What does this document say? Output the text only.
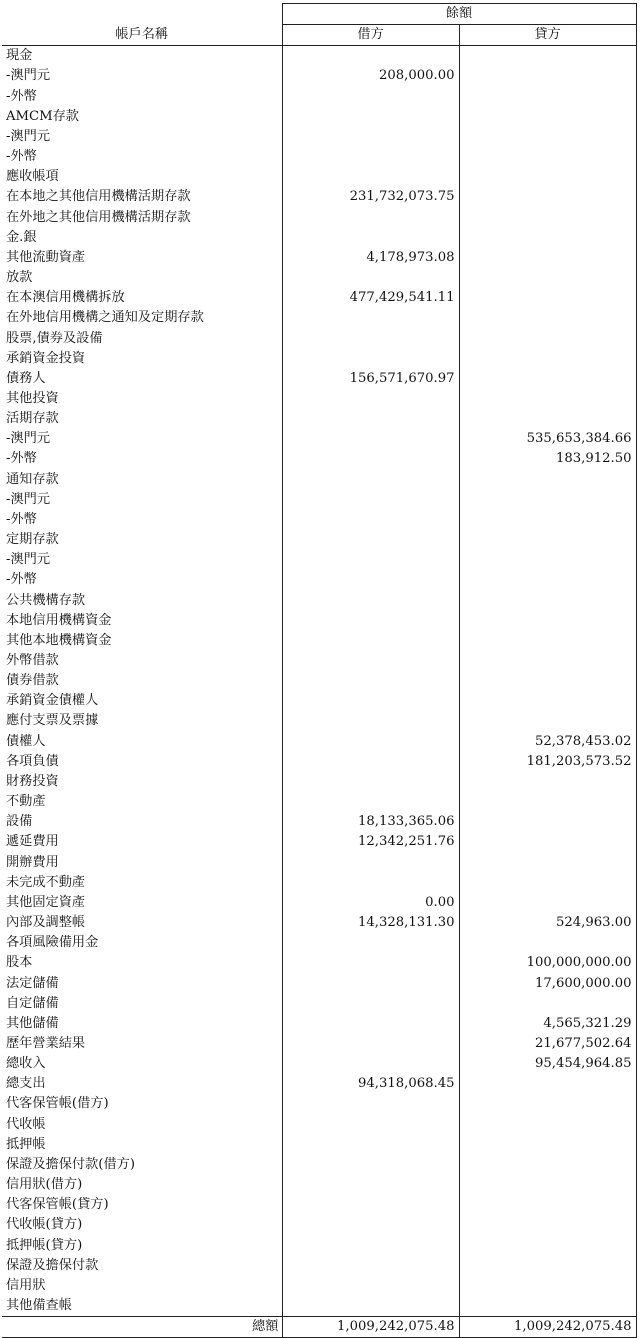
	餘額	
帳戶名稱	借方	貸方
現金		
-澳門元	208,000.00	
-外幣		
AMCM存款		
-澳門元		
-外幣		
應收帳項		
在本地之其他信用機構活期存款	231,732,073.75	
在外地之其他信用機構活期存款		
金.銀		
其他流動資產	4,178,973.08	
放款		
在本澳信用機構拆放	477,429,541.11	
在外地信用機構之通知及定期存款		
股票,債券及設備		
承銷資金投資		
債務人	156,571,670.97	
其他投資		
活期存款		
-澳門元		535,653,384.66
-外幣		183,912.50
通知存款		
-澳門元		
-外幣		
定期存款		
-澳門元		
-外幣		
公共機構存款		
本地信用機構資金		
其他本地機構資金		
外幣借款		
債券借款		
承銷資金債權人		
應付支票及票據		
債權人		52,378,453.02
各項負債		181,203,573.52
財務投資		
不動產		
設備	18,133,365.06	
遞延費用	12,342,251.76	
開辦費用		
未完成不動產		
其他固定資產	0.00	
內部及調整帳	14,328,131.30	524,963.00
各項風險備用金		
股本		100,000,000.00
法定儲備		17,600,000.00
自定儲備		
其他儲備		4,565,321.29
歷年營業結果		21,677,502.64
總收入		95,454,964.85
總支出	94,318,068.45	
代客保管帳(借方)		
代收帳		
抵押帳		
保證及擔保付款(借方)		
信用狀(借方)		
代客保管帳(貸方)		
代收帳(貸方)		
抵押帳(貸方)		
保證及擔保付款		
信用狀		
其他備查帳		
總額	1,009,242,075.48	1,009,242,075.48
